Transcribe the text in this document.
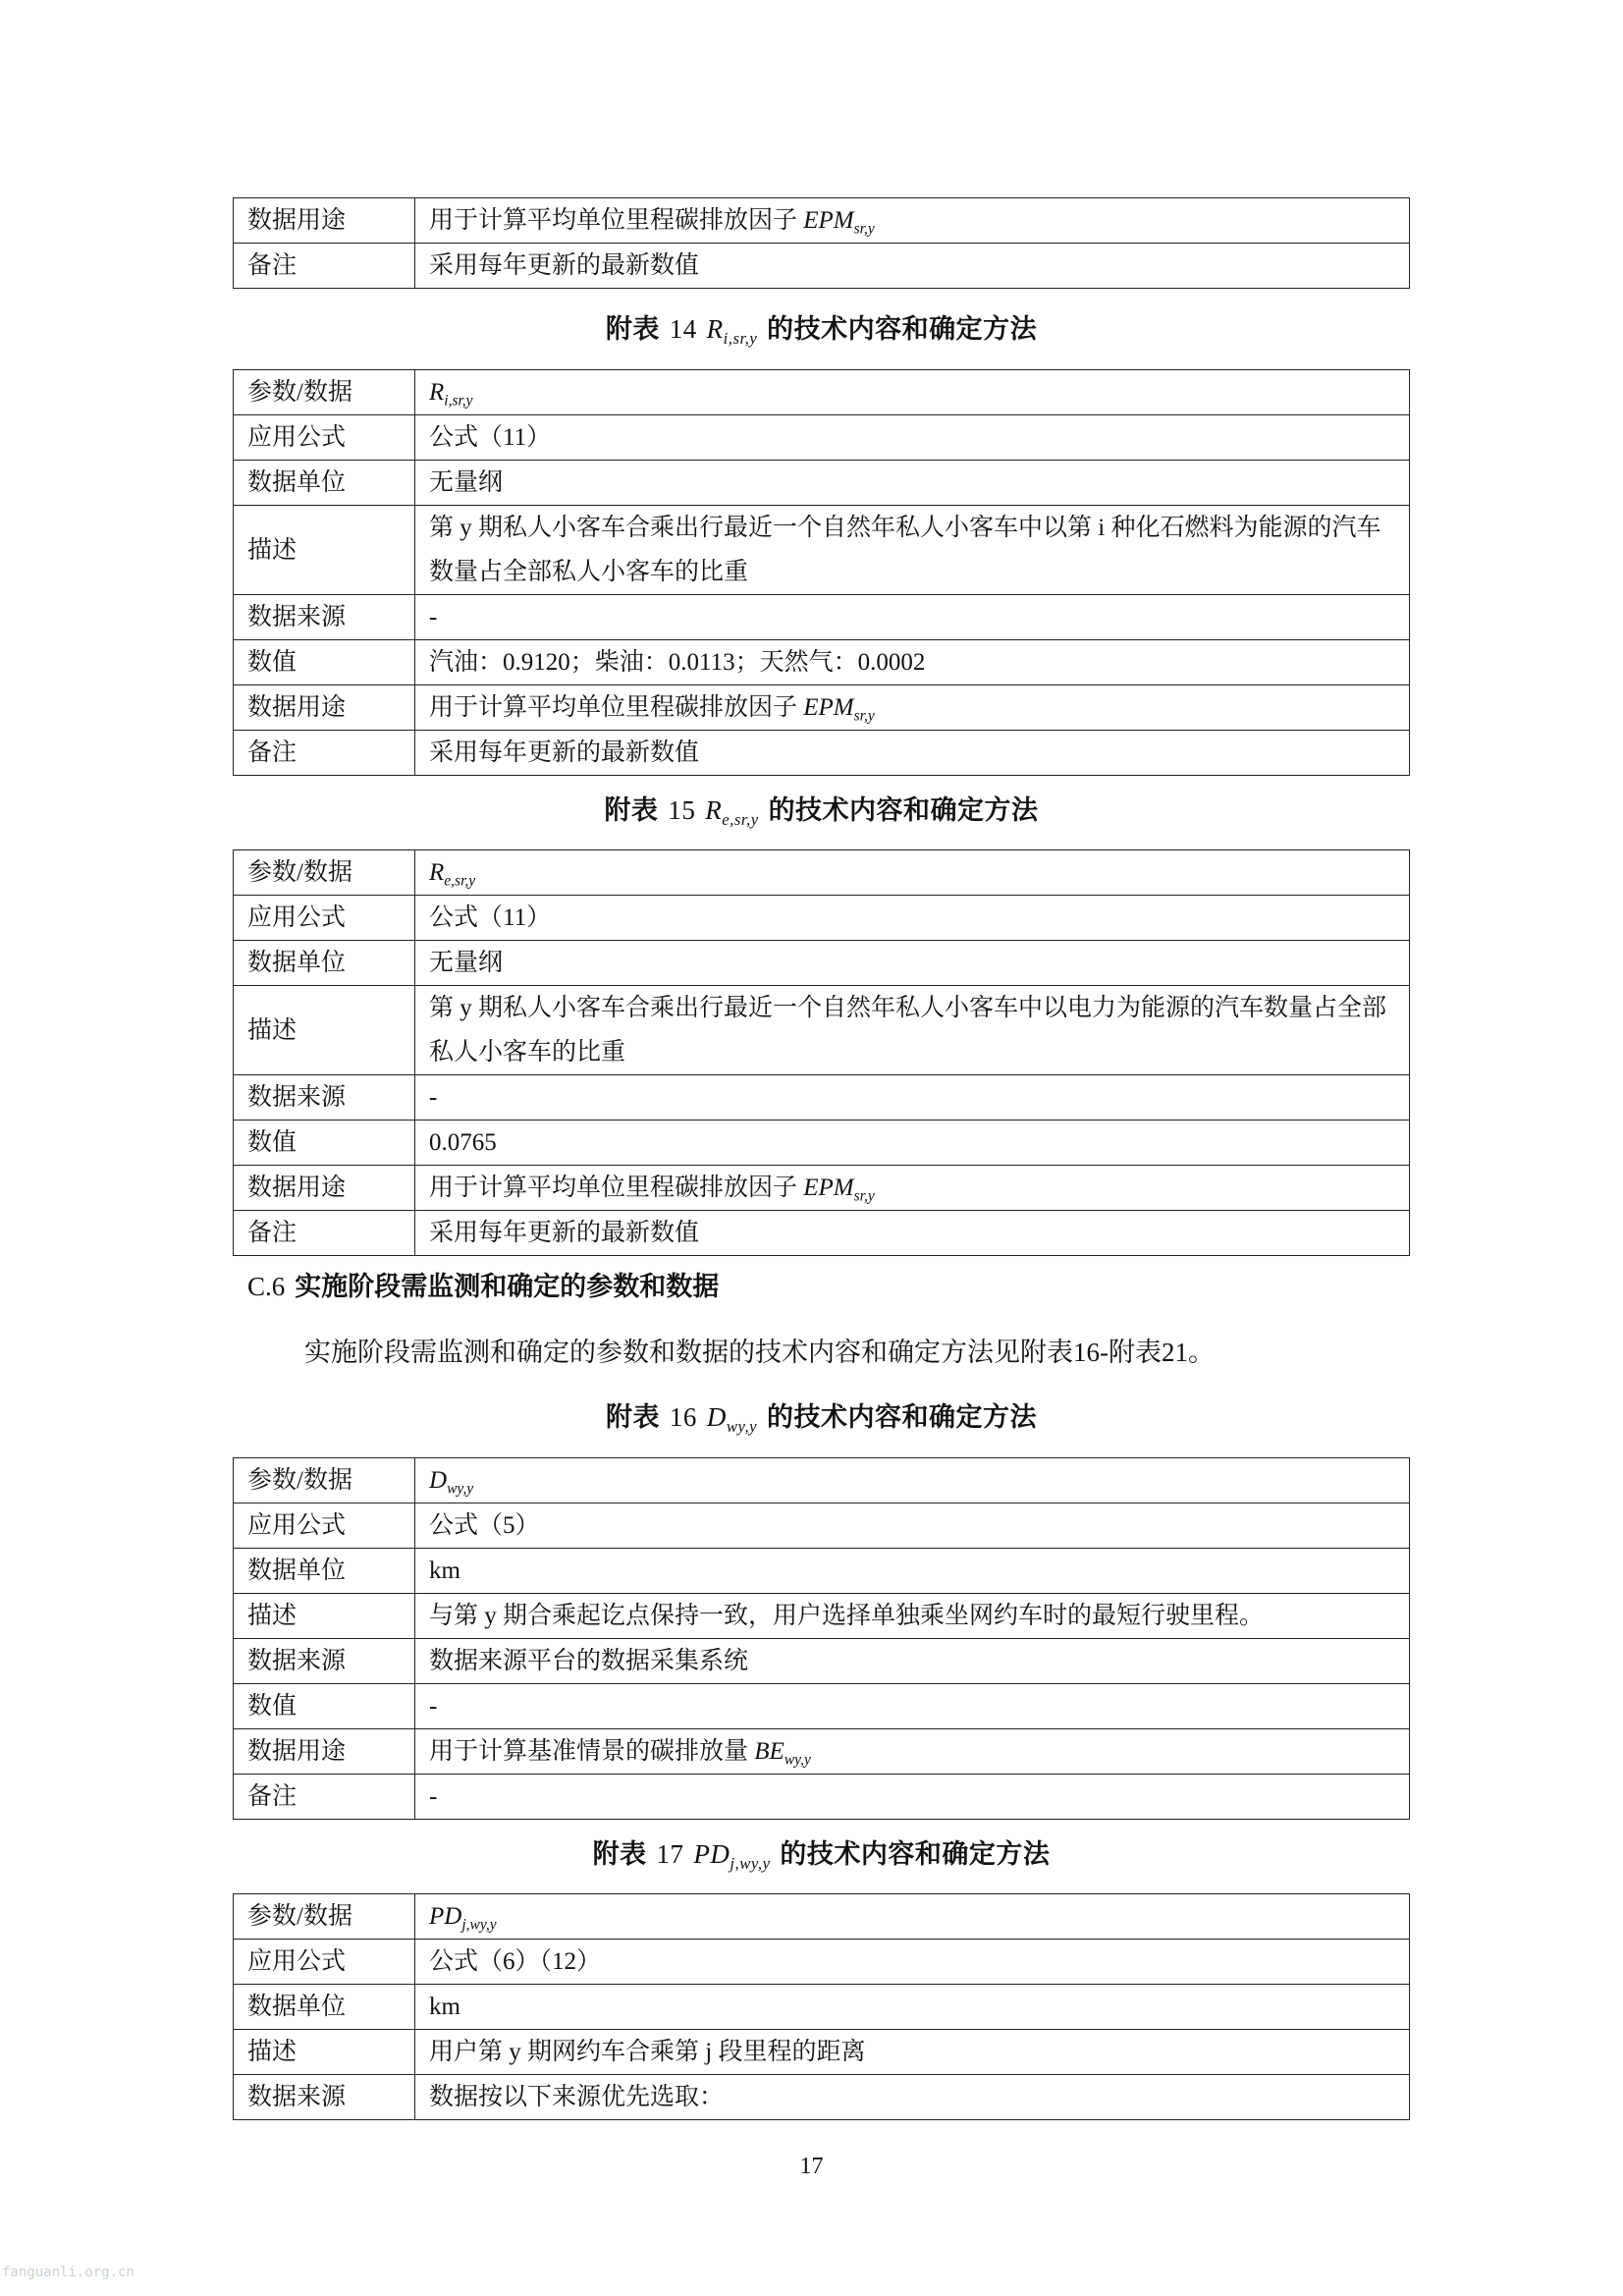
数据用途	用于计算平均单位里程碳排放因子 $EPM_{sr,y}$
备注	采用每年更新的最新数值
附表 14 $R_{i,sr,y}$ 的技术内容和确定方法
参数/数据	$R_{i,sr,y}$
应用公式	公式（11）
数据单位	无量纲
描述	第 y 期私人小客车合乘出行最近一个自然年私人小客车中以第 i 种化石燃料为能源的汽车
数量占全部私人小客车的比重

数据来源	-
数值	汽油：0.9120；柴油：0.0113；天然气：0.0002
数据用途	用于计算平均单位里程碳排放因子 $EPM_{sr,y}$
备注	采用每年更新的最新数值
附表 15 $R_{e,sr,y}$ 的技术内容和确定方法
参数/数据	$R_{e,sr,y}$
应用公式	公式（11）
数据单位	无量纲
描述	第 y 期私人小客车合乘出行最近一个自然年私人小客车中以电力为能源的汽车数量占全部
私人小客车的比重

数据来源	-
数值	0.0765
数据用途	用于计算平均单位里程碳排放因子 $EPM_{sr,y}$
备注	采用每年更新的最新数值
C.6 实施阶段需监测和确定的参数和数据
实施阶段需监测和确定的参数和数据的技术内容和确定方法见附表16-附表21。
附表 16 $D_{wy,y}$ 的技术内容和确定方法
参数/数据	$D_{wy,y}$
应用公式	公式（5）
数据单位	km
描述	与第 y 期合乘起讫点保持一致，用户选择单独乘坐网约车时的最短行驶里程。
数据来源	数据来源平台的数据采集系统
数值	-
数据用途	用于计算基准情景的碳排放量 $BE_{wy,y}$
备注	-
附表 17 $PD_{j,wy,y}$ 的技术内容和确定方法
参数/数据	$PD_{j,wy,y}$
应用公式	公式（6）（12）
数据单位	km
描述	用户第 y 期网约车合乘第 j 段里程的距离
数据来源	数据按以下来源优先选取：
17
fanguanli.org.cn
